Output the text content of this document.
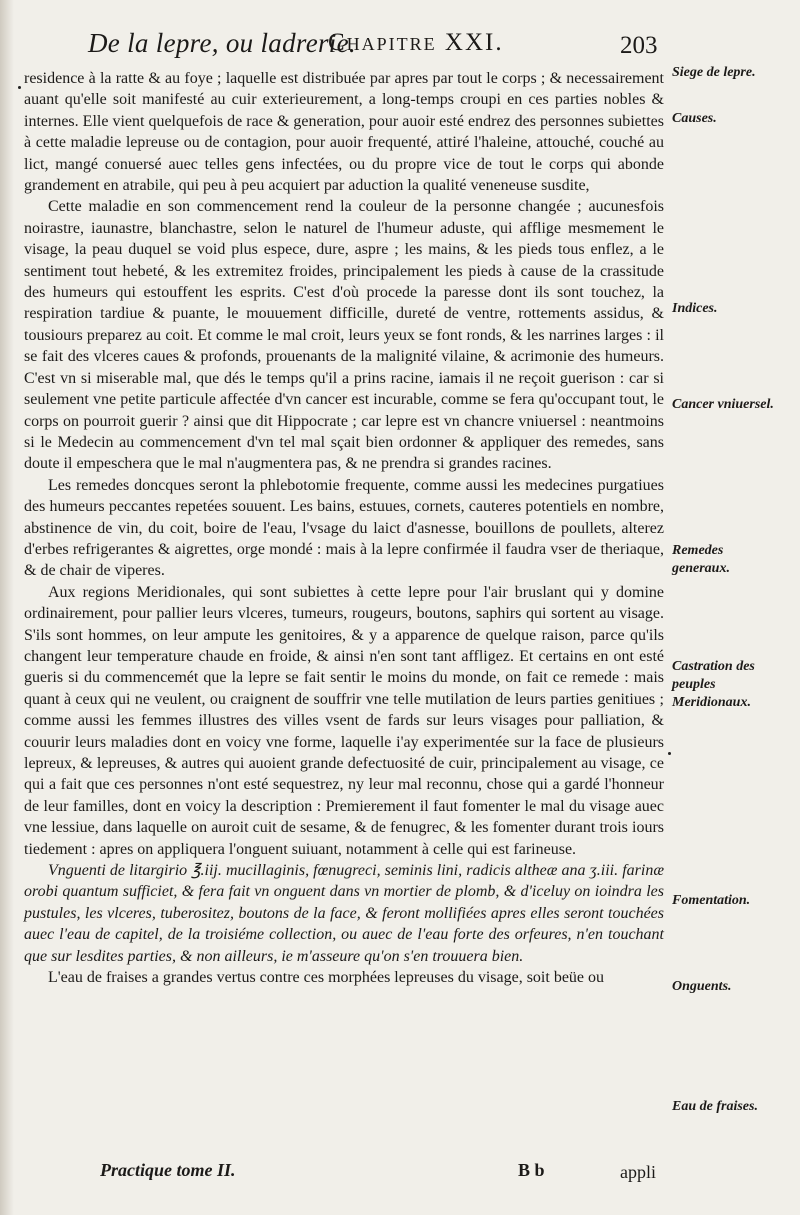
De la lepre, ou ladrerie.
Chapitre XXI.	203

residence à la ratte & au foye ; laquelle est distribuée par apres par tout le corps ; & necessairement auant qu'elle soit manifesté au cuir exterieurement, a long-temps croupi en ces parties nobles & internes. Elle vient quelquefois de race & generation, pour auoir esté endrez des personnes subiettes à cette maladie lepreuse ou de contagion, pour auoir frequenté, attiré l'haleine, attouché, couché au lict, mangé conuersé auec telles gens infectées, ou du propre vice de tout le corps qui abonde grandement en atrabile, qui peu à peu acquiert par aduction la qualité veneneuse susdite,

Cette maladie en son commencement rend la couleur de la personne changée ; aucunesfois noirastre, iaunastre, blanchastre, selon le naturel de l'humeur aduste, qui afflige mesmement le visage, la peau duquel se void plus espece, dure, aspre ; les mains, & les pieds tous enflez, a le sentiment tout hebeté, & les extremitez froides, principalement les pieds à cause de la crassitude des humeurs qui estouffent les esprits. C'est d'où procede la paresse dont ils sont touchez, la respiration tardiue & puante, le mouuement difficille, dureté de ventre, rottements assidus, & tousiours preparez au coit. Et comme le mal croit, leurs yeux se font ronds, & les narrines larges : il se fait des vlceres caues & profonds, prouenants de la malignité vilaine, & acrimonie des humeurs. C'est vn si miserable mal, que dés le temps qu'il a prins racine, iamais il ne reçoit guerison : car si seulement vne petite particule affectée d'vn cancer est incurable, comme se fera qu'occupant tout, le corps on pourroit guerir ? ainsi que dit Hippocrate ; car lepre est vn chancre vniuersel : neantmoins si le Medecin au commencement d'vn tel mal sçait bien ordonner & appliquer des remedes, sans doute il empeschera que le mal n'augmentera pas, & ne prendra si grandes racines.

Les remedes doncques seront la phlebotomie frequente, comme aussi les medecines purgatiues des humeurs peccantes repetées souuent. Les bains, estuues, cornets, cauteres potentiels en nombre, abstinence de vin, du coit, boire de l'eau, l'vsage du laict d'asnesse, bouillons de poullets, alterez d'erbes refrigerantes & aigrettes, orge mondé : mais à la lepre confirmée il faudra vser de theriaque, & de chair de viperes.

Aux regions Meridionales, qui sont subiettes à cette lepre pour l'air bruslant qui y domine ordinairement, pour pallier leurs vlceres, tumeurs, rougeurs, boutons, saphirs qui sortent au visage. S'ils sont hommes, on leur ampute les genitoires, & y a apparence de quelque raison, parce qu'ils changent leur temperature chaude en froide, & ainsi n'en sont tant affligez. Et certains en ont esté gueris si du commencemét que la lepre se fait sentir le moins du monde, on fait ce remede : mais quant à ceux qui ne veulent, ou craignent de souffrir vne telle mutilation de leurs parties genitiues ; comme aussi les femmes illustres des villes vsent de fards sur leurs visages pour palliation, & couurir leurs maladies dont en voicy vne forme, laquelle i'ay experimentée sur la face de plusieurs lepreux, & lepreuses, & autres qui auoient grande defectuosité de cuir, principalement au visage, ce qui a fait que ces personnes n'ont esté sequestrez, ny leur mal reconnu, chose qui a gardé l'honneur de leur familles, dont en voicy la description : Premierement il faut fomenter le mal du visage auec vne lessiue, dans laquelle on auroit cuit de sesame, & de fenugrec, & les fomenter durant trois iours tiedement : apres on appliquera l'onguent suiuant, notamment à celle qui est farineuse.

Vnguenti de litargirio ℥.iij. mucillaginis, fœnugreci, seminis lini, radicis altheæ ana ʒ.iii. farinæ orobi quantum sufficiet, & fera fait vn onguent dans vn mortier de plomb, & d'iceluy on ioindra les pustules, les vlceres, tuberositez, boutons de la face, & feront mollifiées apres elles seront touchées auec l'eau de capitel, de la troisiéme collection, ou auec de l'eau forte des orfeures, n'en touchant que sur lesdites parties, & non ailleurs, ie m'asseure qu'on s'en trouuera bien.

L'eau de fraises a grandes vertus contre ces morphées lepreuses du visage, soit beüe ou

Siege de lepre.
Causes.
Indices.
Cancer vniuersel.
Remedes generaux.
Castration des peuples Meridionaux.
Fomentation.
Onguents.
Eau de fraises.
Practique tome II.	B b	appli
